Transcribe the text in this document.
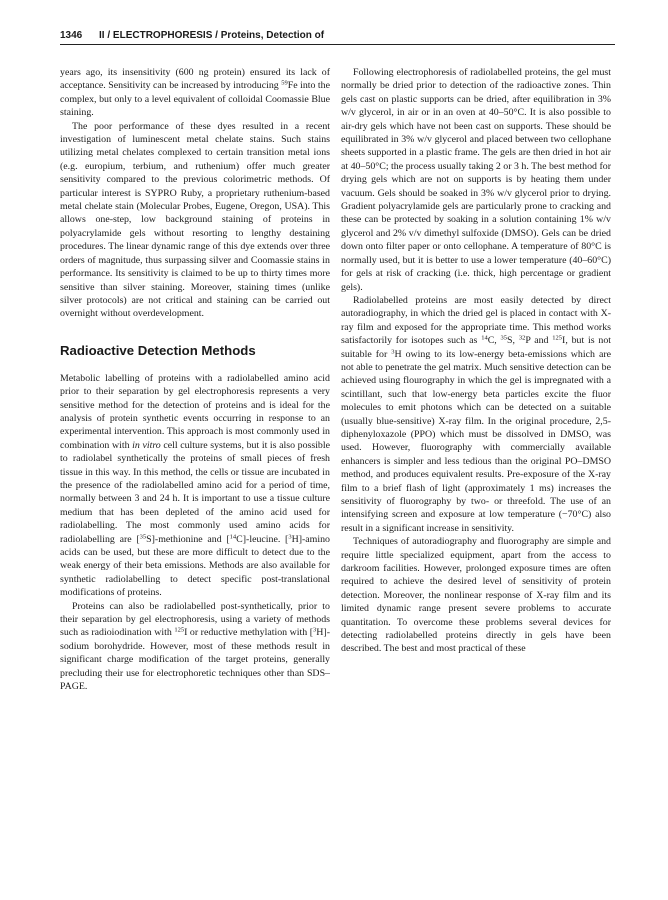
1346 II / ELECTROPHORESIS / Proteins, Detection of

years ago, its insensitivity (600 ng protein) ensured its lack of acceptance. Sensitivity can be increased by introducing $^{59}$Fe into the complex, but only to a level equivalent of colloidal Coomassie Blue staining.

The poor performance of these dyes resulted in a recent investigation of luminescent metal chelate stains. Such stains utilizing metal chelates complexed to certain transition metal ions (e.g. europium, terbium, and ruthenium) offer much greater sensitivity compared to the previous colorimetric methods. Of particular interest is SYPRO Ruby, a proprietary ruthenium-based metal chelate stain (Molecular Probes, Eugene, Oregon, USA). This allows one-step, low background staining of proteins in polyacrylamide gels without resorting to lengthy destaining procedures. The linear dynamic range of this dye extends over three orders of magnitude, thus surpassing silver and Coomassie stains in performance. Its sensitivity is claimed to be up to thirty times more sensitive than silver staining. Moreover, staining times (unlike silver protocols) are not critical and staining can be carried out overnight without overdevelopment.

Radioactive Detection Methods

Metabolic labelling of proteins with a radiolabelled amino acid prior to their separation by gel electrophoresis represents a very sensitive method for the detection of proteins and is ideal for the analysis of protein synthetic events occurring in response to an experimental intervention. This approach is most commonly used in combination with in vitro cell culture systems, but it is also possible to radiolabel synthetically the proteins of small pieces of fresh tissue in this way. In this method, the cells or tissue are incubated in the presence of the radiolabelled amino acid for a period of time, normally between 3 and 24 h. It is important to use a tissue culture medium that has been depleted of the amino acid used for radiolabelling. The most commonly used amino acids for radiolabelling are [$^{35}$S]-methionine and [$^{14}$C]-leucine. [$^3$H]-amino acids can be used, but these are more difficult to detect due to the weak energy of their beta emissions. Methods are also available for synthetic radiolabelling to detect specific post-translational modifications of proteins.

Proteins can also be radiolabelled post-synthetically, prior to their separation by gel electrophoresis, using a variety of methods such as radioiodination with $^{125}$I or reductive methylation with [$^3$H]-sodium borohydride. However, most of these methods result in significant charge modification of the target proteins, generally precluding their use for electrophoretic techniques other than SDS–PAGE.

Following electrophoresis of radiolabelled proteins, the gel must normally be dried prior to detection of the radioactive zones. Thin gels cast on plastic supports can be dried, after equilibration in 3% w/v glycerol, in air or in an oven at 40–50°C. It is also possible to air-dry gels which have not been cast on supports. These should be equilibrated in 3% w/v glycerol and placed between two cellophane sheets supported in a plastic frame. The gels are then dried in hot air at 40–50°C; the process usually taking 2 or 3 h. The best method for drying gels which are not on supports is by heating them under vacuum. Gels should be soaked in 3% w/v glycerol prior to drying. Gradient polyacrylamide gels are particularly prone to cracking and these can be protected by soaking in a solution containing 1% w/v glycerol and 2% v/v dimethyl sulfoxide (DMSO). Gels can be dried down onto filter paper or onto cellophane. A temperature of 80°C is normally used, but it is better to use a lower temperature (40–60°C) for gels at risk of cracking (i.e. thick, high percentage or gradient gels).

Radiolabelled proteins are most easily detected by direct autoradiography, in which the dried gel is placed in contact with X-ray film and exposed for the appropriate time. This method works satisfactorily for isotopes such as $^{14}$C, $^{35}$S, $^{32}$P and $^{125}$I, but is not suitable for $^3$H owing to its low-energy beta-emissions which are not able to penetrate the gel matrix. Much sensitive detection can be achieved using flourography in which the gel is impregnated with a scintillant, such that low-energy beta particles excite the fluor molecules to emit photons which can be detected on a suitable (usually blue-sensitive) X-ray film. In the original procedure, 2,5-diphenyloxazole (PPO) which must be dissolved in DMSO, was used. However, fluorography with commercially available enhancers is simpler and less tedious than the original PO–DMSO method, and produces equivalent results. Pre-exposure of the X-ray film to a brief flash of light (approximately 1 ms) increases the sensitivity of fluorography by two- or threefold. The use of an intensifying screen and exposure at low temperature (−70°C) also result in a significant increase in sensitivity.

Techniques of autoradiography and fluorography are simple and require little specialized equipment, apart from the access to darkroom facilities. However, prolonged exposure times are often required to achieve the desired level of sensitivity of protein detection. Moreover, the nonlinear response of X-ray film and its limited dynamic range present severe problems to accurate quantitation. To overcome these problems several devices for detecting radiolabelled proteins directly in gels have been described. The best and most practical of these
